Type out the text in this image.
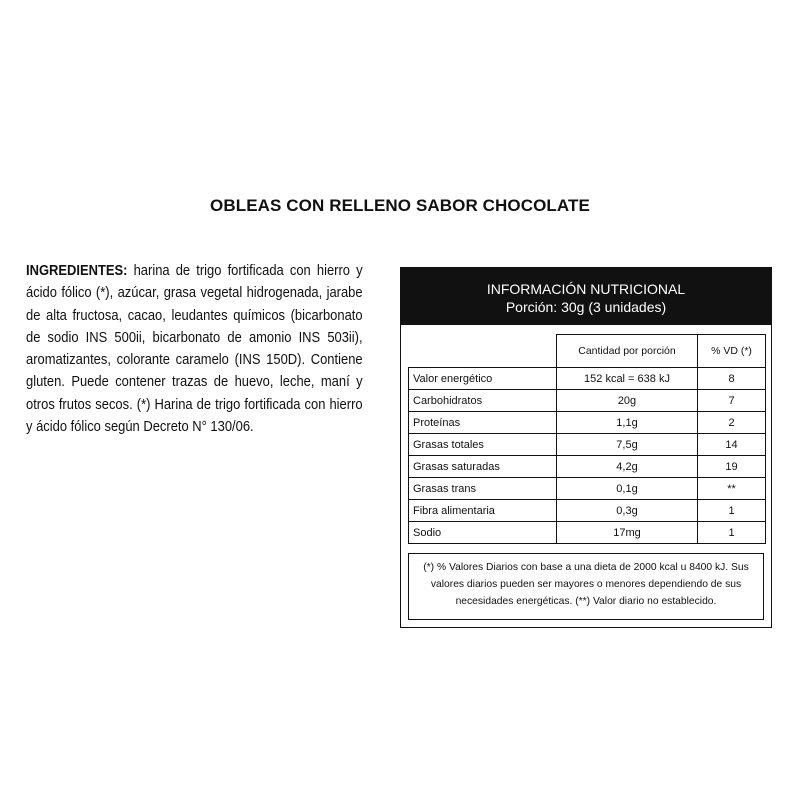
OBLEAS CON RELLENO SABOR CHOCOLATE
INGREDIENTES: harina de trigo fortificada con hierro y ácido fólico (*), azúcar, grasa vegetal hidrogenada, jarabe de alta fructosa, cacao, leudantes químicos (bicarbonato de sodio INS 500ii, bicarbonato de amonio INS 503ii), aromatizantes, colorante caramelo (INS 150D). Contiene gluten. Puede contener trazas de huevo, leche, maní y otros frutos secos. (*) Harina de trigo fortificada con hierro y ácido fólico según Decreto N° 130/06.
INFORMACIÓN NUTRICIONAL
Porción: 30g (3 unidades)
	Cantidad por porción	% VD (*)
Valor energético	152 kcal = 638 kJ	8
Carbohidratos	20g	7
Proteínas	1,1g	2
Grasas totales	7,5g	14
Grasas saturadas	4,2g	19
Grasas trans	0,1g	**
Fibra alimentaria	0,3g	1
Sodio	17mg	1
(*) % Valores Diarios con base a una dieta de 2000 kcal u 8400 kJ. Sus valores diarios pueden ser mayores o menores dependiendo de sus necesidades energéticas. (**) Valor diario no establecido.
